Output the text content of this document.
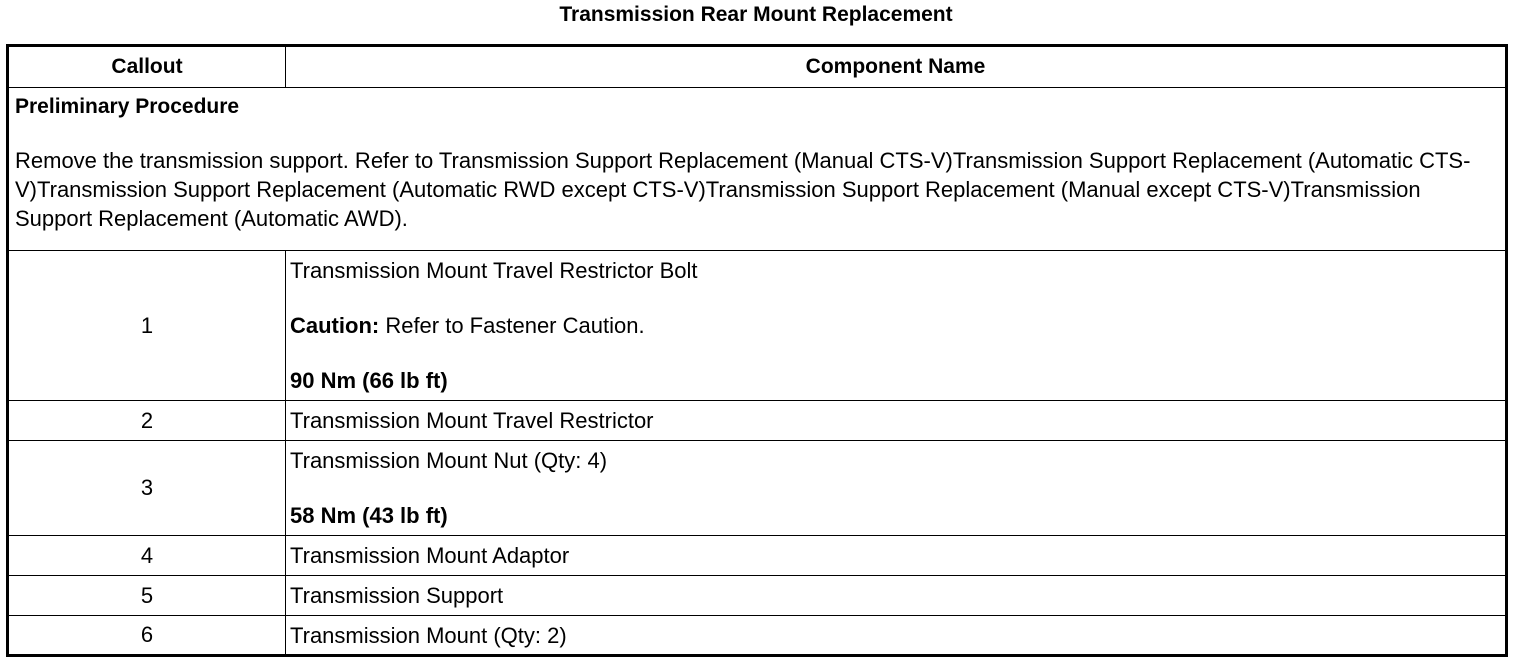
Transmission Rear Mount Replacement
Callout	Component Name

Preliminary Procedure
Remove the transmission support. Refer to Transmission Support Replacement (Manual CTS-V)Transmission Support Replacement (Automatic CTS-V)Transmission Support Replacement (Automatic RWD except CTS-V)Transmission Support Replacement (Manual except CTS-V)Transmission Support Replacement (Automatic AWD).	

1	Transmission Mount Travel Restrictor Bolt
Caution: Refer to Fastener Caution.
90 Nm (66 lb ft)

2	Transmission Mount Travel Restrictor
3	Transmission Mount Nut (Qty: 4)
58 Nm (43 lb ft)

4	Transmission Mount Adaptor
5	Transmission Support
6	Transmission Mount (Qty: 2)
